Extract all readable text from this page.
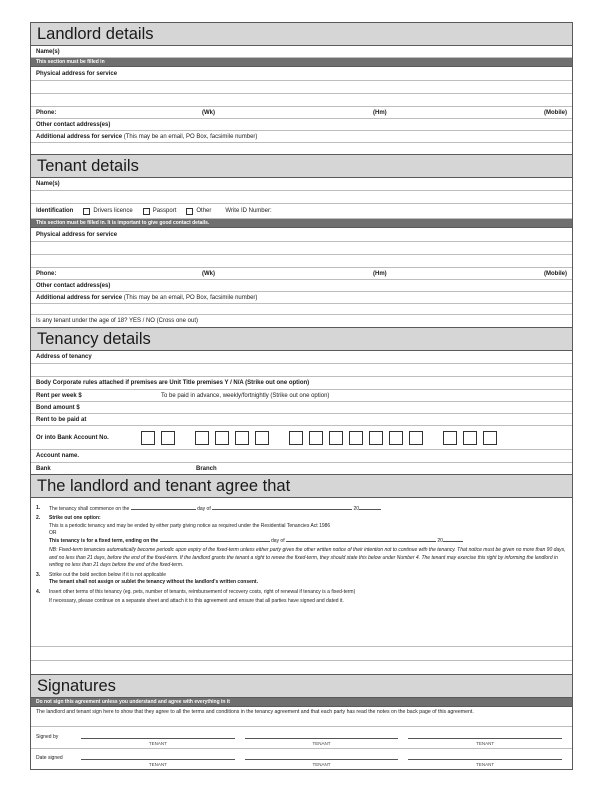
Landlord details
Name(s)
This section must be filled in
Physical address for service
Phone:	(Wk)	(Hm)	(Mobile)
Other contact address(es)
Additional address for service
(This may be an email, PO Box, facsimile number)
Tenant details
Name(s)
Identification	Drivers licence	Passport	Other Write ID Number:
This section must be filled in. It is important to give good contact details.
Physical address for service
Phone:	(Wk)	(Hm)	(Mobile)
Other contact address(es)
Additional address for service
(This may be an email, PO Box, facsimile number)
Is any tenant under the age of 18? YES / NO (Cross one out)
Tenancy details
Address of tenancy
Body Corporate rules attached if premises are Unit Title premises Y / N/A (Strike out one option)
Rent per week $	To be paid in advance, weekly/fortnightly (Strike out one option)
Bond amount $
Rent to be paid at
Or into Bank Account No.
Account name.
Bank	Branch
The landlord and tenant agree that
1.	The tenancy shall commence on the	day of	20
2.	Strike out one option:
This is a periodic tenancy and may be ended by either party giving notice as required under the Residential Tenancies Act 1986
OR
This tenancy is for a fixed term, ending on the	day of	20
NB: Fixed-term tenancies automatically become periodic upon expiry of the fixed-term unless either party gives the other written notice of their intention not to continue with the tenancy. That notice must be given no more than 90 days, and no less than 21 days, before the end of the fixed-term. If the landlord grants the tenant a right to renew the fixed-term, they should state this below under Number 4. The tenant may exercise this right by informing the landlord in writing no less than 21 days before the end of the fixed-term.
3.	Strike out the bold section below if it is not applicable
The tenant shall not assign or sublet the tenancy without the landlord's written consent.
4.	Insert other terms of this tenancy (eg. pets, number of tenants, reimbursement of recovery costs, right of renewal if tenancy is a fixed-term)
If necessary, please continue on a separate sheet and attach it to this agreement and ensure that all parties have signed and dated it.
Signatures
Do not sign this agreement unless you understand and agree with everything in it
The landlord and tenant sign here to show that they agree to all the terms and conditions in the tenancy agreement and that each party has read the notes on the back page of this agreement.
Signed by
TENANT	TENANT	TENANT
Date signed
TENANT	TENANT	TENANT
